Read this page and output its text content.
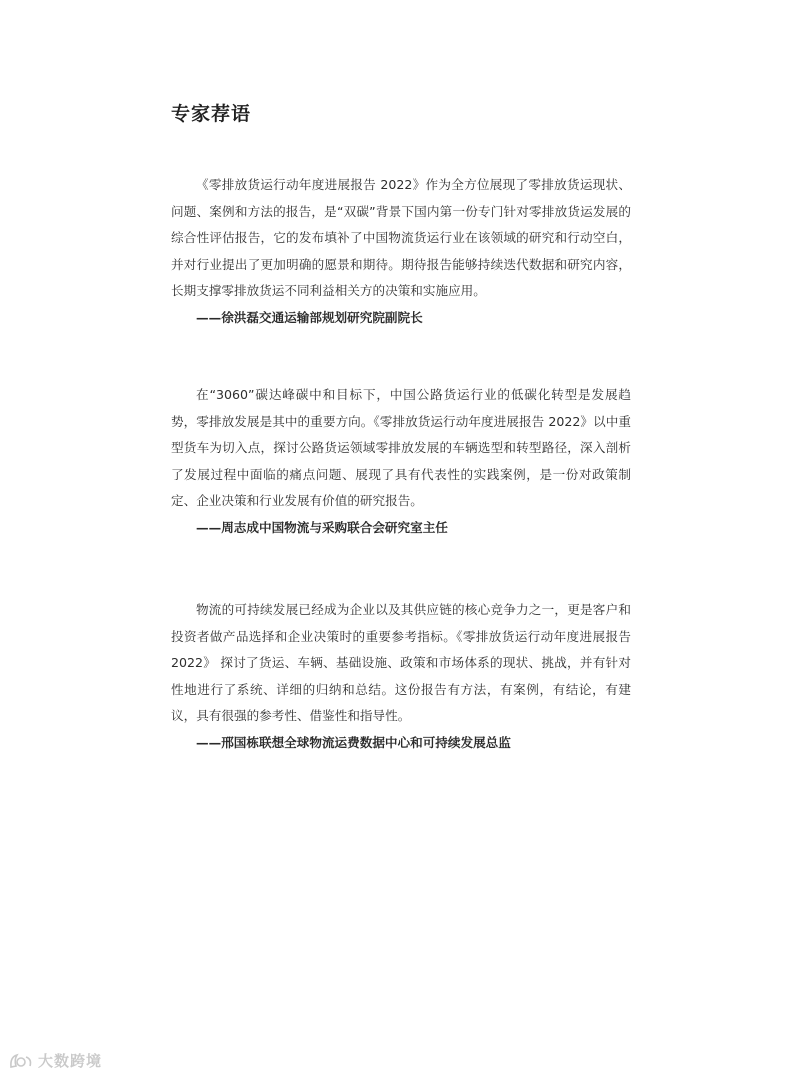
专家荐语

《零排放货运行动年度进展报告 2022》作为全方位展现了零排放货运现状、问题、案例和方法的报告，是“双碳”背景下国内第一份专门针对零排放货运发展的综合性评估报告，它的发布填补了中国物流货运行业在该领域的研究和行动空白，并对行业提出了更加明确的愿景和期待。期待报告能够持续迭代数据和研究内容，长期支撑零排放货运不同利益相关方的决策和实施应用。

——徐洪磊交通运输部规划研究院副院长

在“3060”碳达峰碳中和目标下，中国公路货运行业的低碳化转型是发展趋势，零排放发展是其中的重要方向。《零排放货运行动年度进展报告 2022》以中重型货车为切入点，探讨公路货运领域零排放发展的车辆选型和转型路径，深入剖析了发展过程中面临的痛点问题、展现了具有代表性的实践案例，是一份对政策制定、企业决策和行业发展有价值的研究报告。

——周志成中国物流与采购联合会研究室主任

物流的可持续发展已经成为企业以及其供应链的核心竞争力之一，更是客户和投资者做产品选择和企业决策时的重要参考指标。《零排放货运行动年度进展报告 2022》 探讨了货运、车辆、基础设施、政策和市场体系的现状、挑战，并有针对性地进行了系统、详细的归纳和总结。这份报告有方法，有案例，有结论，有建议，具有很强的参考性、借鉴性和指导性。

——邢国栋联想全球物流运费数据中心和可持续发展总监

大数跨境
